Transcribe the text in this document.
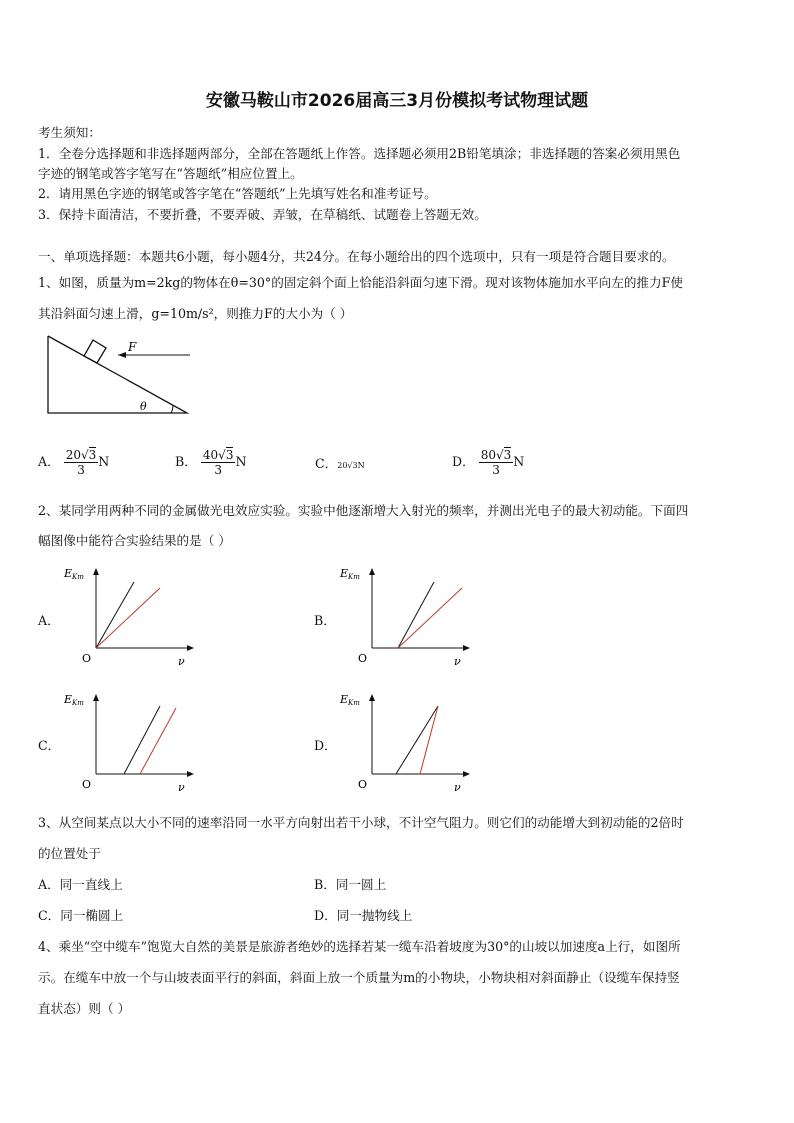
安徽马鞍山市2026届高三3月份模拟考试物理试题
考生须知：
1．全卷分选择题和非选择题两部分，全部在答题纸上作答。选择题必须用2B铅笔填涂；非选择题的答案必须用黑色
字迹的钢笔或答字笔写在“答题纸”相应位置上。
2．请用黑色字迹的钢笔或答字笔在“答题纸”上先填写姓名和准考证号。
3．保持卡面清洁，不要折叠，不要弄破、弄皱，在草稿纸、试题卷上答题无效。
一、单项选择题：本题共6小题，每小题4分，共24分。在每小题给出的四个选项中，只有一项是符合题目要求的。
1、如图，质量为m=2kg的物体在θ=30°的固定斜个面上恰能沿斜面匀速下滑。现对该物体施加水平向左的推力F使
其沿斜面匀速上滑，g=10m/s²，则推力F的大小为（ ）
F
θ
A． $\frac{20√3}{3}$ N	B． $\frac{40√3}{3}$ N	C．20√3N	D． $\frac{80√3}{3}$ N
2、某同学用两种不同的金属做光电效应实验。实验中他逐渐增大入射光的频率，并测出光电子的最大初动能。下面四
幅图像中能符合实验结果的是（ ）
A．
EKm
O	ν
B．
EKm
O	ν
C．
EKm
O	ν
D．
EKm
O	ν
3、从空间某点以大小不同的速率沿同一水平方向射出若干小球，不计空气阻力。则它们的动能增大到初动能的2倍时
的位置处于
A．同一直线上	B．同一圆上
C．同一椭圆上	D．同一抛物线上
4、乘坐“空中缆车”饱览大自然的美景是旅游者绝妙的选择若某一缆车沿着坡度为30°的山坡以加速度a上行，如图所
示。在缆车中放一个与山坡表面平行的斜面，斜面上放一个质量为m的小物块，小物块相对斜面静止（设缆车保持竖
直状态）则（ ）
